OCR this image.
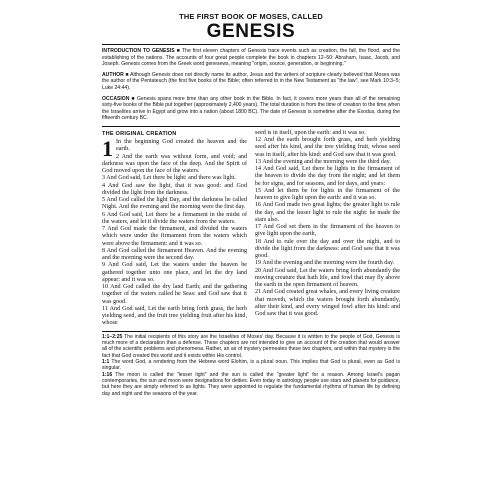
THE FIRST BOOK OF MOSES, CALLED
GENESIS

INTRODUCTION TO GENESIS ■ The first eleven chapters of Genesis trace events such as creation, the fall, the flood, and the establishing of the nations. The accounts of four great people complete the book in chapters 12–50: Abraham, Isaac, Jacob, and Joseph. Genesis comes from the Greek word genesews, meaning "origin, source, generation, or beginning."

AUTHOR ■ Although Genesis does not directly name its author, Jesus and the writers of scripture clearly believed that Moses was the author of the Pentateuch (the first five books of the Bible; often referred to in the New Testament as "the law", see Mark 10:3–5; Luke 24:44).

OCCASION ■ Genesis spans more time than any other book in the Bible. In fact, it covers more years than all of the remaining sixty-five books of the Bible put together (approximately 2,400 years). The total duration is from the time of creation to the time when the Israelites arrive in Egypt and grow into a nation (about 1800 BC). The date of Genesis is sometime after the Exodus, during the fifteenth century BC.

THE ORIGINAL CREATION

1 In the beginning God created the heaven and the earth.

2 And the earth was without form, and void; and darkness was upon the face of the deep. And the Spirit of God moved upon the face of the waters.

3 And God said, Let there be light: and there was light.

4 And God saw the light, that it was good: and God divided the light from the darkness.

5 And God called the light Day, and the darkness he called Night. And the evening and the morning were the first day.

6 And God said, Let there be a firmament in the midst of the waters, and let it divide the waters from the waters.

7 And God made the firmament, and divided the waters which were under the firmament from the waters which were above the firmament: and it was so.

8 And God called the firmament Heaven. And the evening and the morning were the second day.

9 And God said, Let the waters under the heaven be gathered together unto one place, and let the dry land appear: and it was so.

10 And God called the dry land Earth; and the gathering together of the waters called he Seas: and God saw that it was good.

11 And God said, Let the earth bring forth grass, the herb yielding seed, and the fruit tree yielding fruit after his kind, whose

seed is in itself, upon the earth: and it was so.

12 And the earth brought forth grass, and herb yielding seed after his kind, and the tree yielding fruit, whose seed was in itself, after his kind: and God saw that it was good.

13 And the evening and the morning were the third day.

14 And God said, Let there be lights in the firmament of the heaven to divide the day from the night; and let them be for signs, and for seasons, and for days, and years:

15 And let them be for lights in the firmament of the heaven to give light upon the earth: and it was so.

16 And God made two great lights; the greater light to rule the day, and the lesser light to rule the night: he made the stars also.

17 And God set them in the firmament of the heaven to give light upon the earth,

18 And to rule over the day and over the night, and to divide the light from the darkness: and God saw that it was good.

19 And the evening and the morning were the fourth day.

20 And God said, Let the waters bring forth abundantly the moving creature that hath life, and fowl that may fly above the earth in the open firmament of heaven.

21 And God created great whales, and every living creature that moveth, which the waters brought forth abundantly, after their kind, and every winged fowl after his kind: and God saw that it was good.

1:1–2:25 The initial recipients of this story are the Israelites of Moses' day. Because it is written to the people of God, Genesis is much more of a declaration than a defense. These chapters are not intended to give an account of the creation that would answer all of the scientific problems and phenomena. Rather, an air of mystery permeates these two chapters, and within that mystery is the fact that God created this world and it exists within His control.

1:1 The word God, a rendering from the Hebrew word Elohim, is a plural noun. This implies that God is plural, even as God is singular.

1:16 The moon is called the "lesser light" and the sun is called the "greater light" for a reason. Among Israel's pagan contemporaries, the sun and moon were designations for deities. Even today in astrology people use stars and planets for guidance, but here they are simply referred to as lights. They were appointed to regulate the fundamental rhythms of human life by defining day and night and the seasons of the year.
